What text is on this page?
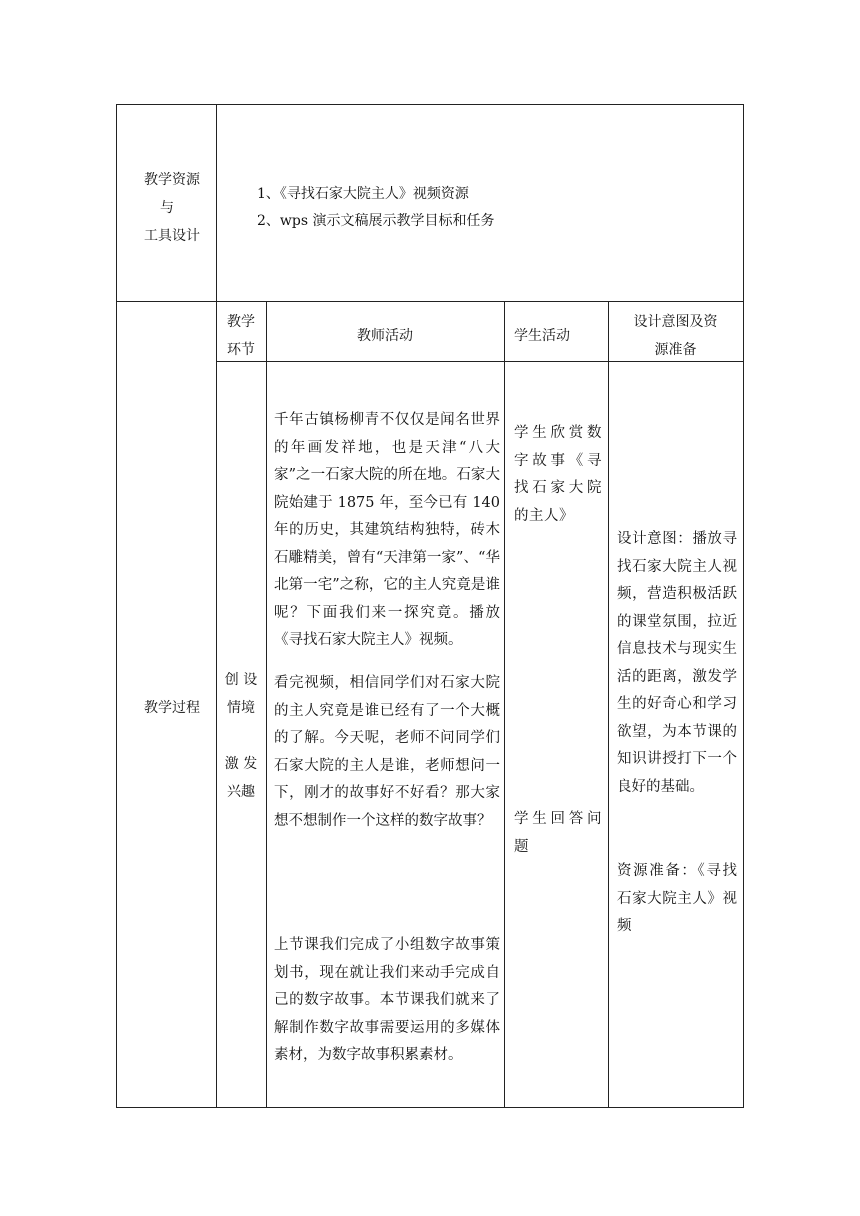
教学资源
与
工具设计
1、《寻找石家大院主人》视频资源
2、wps 演示文稿展示教学目标和任务
教学过程
教学
环节
教师活动	学生活动
设计意图及资
源准备
创 设
情境
激 发
兴趣
千年古镇杨柳青不仅仅是闻名世界的年画发祥地，也是天津“八大家”之一石家大院的所在地。石家大院始建于 1875 年，至今已有 140 年的历史，其建筑结构独特，砖木石雕精美，曾有“天津第一家”、“华北第一宅”之称，它的主人究竟是谁呢？下面我们来一探究竟。播放《寻找石家大院主人》视频。
看完视频，相信同学们对石家大院的主人究竟是谁已经有了一个大概的了解。今天呢，老师不问同学们石家大院的主人是谁，老师想问一下，刚才的故事好不好看？那大家想不想制作一个这样的数字故事？
上节课我们完成了小组数字故事策划书，现在就让我们来动手完成自己的数字故事。本节课我们就来了解制作数字故事需要运用的多媒体素材，为数字故事积累素材。
学生欣赏数字故事《寻找石家大院的主人》
学生回答问题
设计意图：播放寻找石家大院主人视频，营造积极活跃的课堂氛围，拉近信息技术与现实生活的距离，激发学生的好奇心和学习欲望，为本节课的知识讲授打下一个良好的基础。
资源准备：《寻找石家大院主人》视频
